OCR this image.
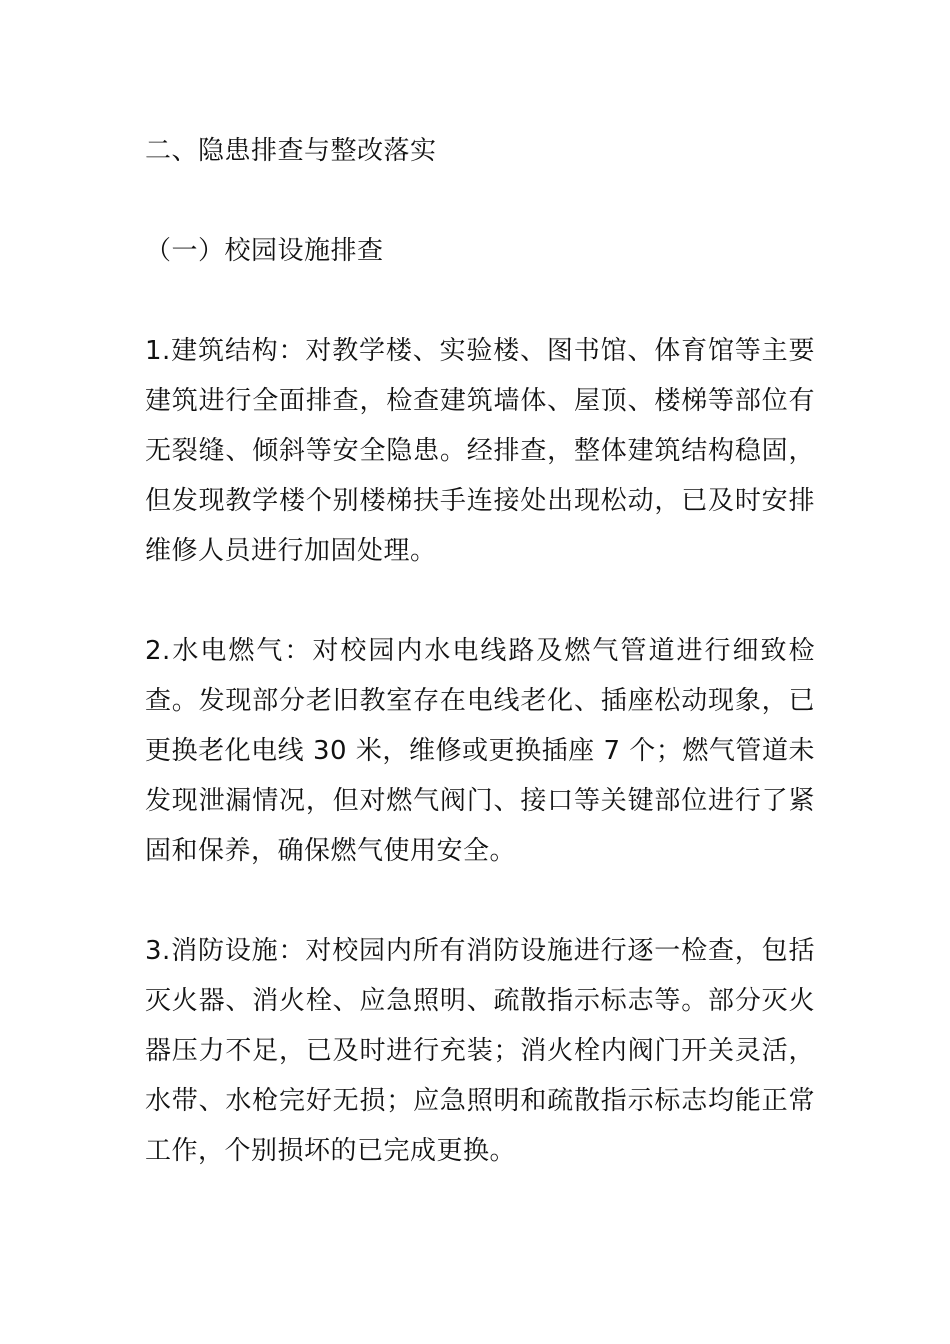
二、隐患排查与整改落实
（一）校园设施排查

1.建筑结构：对教学楼、实验楼、图书馆、体育馆等主要建筑进行全面排查，检查建筑墙体、屋顶、楼梯等部位有无裂缝、倾斜等安全隐患。经排查，整体建筑结构稳固，但发现教学楼个别楼梯扶手连接处出现松动，已及时安排维修人员进行加固处理。

2.水电燃气：对校园内水电线路及燃气管道进行细致检查。发现部分老旧教室存在电线老化、插座松动现象，已更换老化电线 30 米，维修或更换插座 7 个；燃气管道未发现泄漏情况，但对燃气阀门、接口等关键部位进行了紧固和保养，确保燃气使用安全。

3.消防设施：对校园内所有消防设施进行逐一检查，包括灭火器、消火栓、应急照明、疏散指示标志等。部分灭火器压力不足，已及时进行充装；消火栓内阀门开关灵活，水带、水枪完好无损；应急照明和疏散指示标志均能正常工作，个别损坏的已完成更换。
